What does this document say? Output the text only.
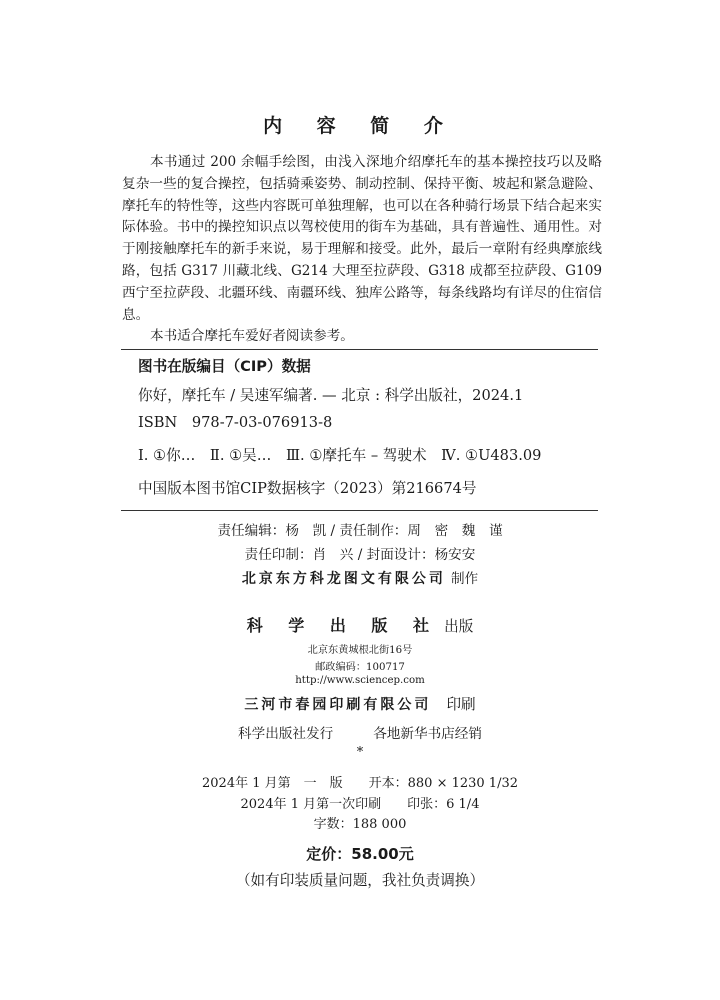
内 容 简 介

本书通过 200 余幅手绘图，由浅入深地介绍摩托车的基本操控技巧以及略复杂一些的复合操控，包括骑乘姿势、制动控制、保持平衡、坡起和紧急避险、摩托车的特性等，这些内容既可单独理解，也可以在各种骑行场景下结合起来实际体验。书中的操控知识点以驾校使用的街车为基础，具有普遍性、通用性。对于刚接触摩托车的新手来说，易于理解和接受。此外，最后一章附有经典摩旅线路，包括 G317 川藏北线、G214 大理至拉萨段、G318 成都至拉萨段、G109 西宁至拉萨段、北疆环线、南疆环线、独库公路等，每条线路均有详尽的住宿信息。

本书适合摩托车爱好者阅读参考。

图书在版编目（CIP）数据
你好，摩托车 / 吴速军编著. — 北京 : 科学出版社，2024.1
ISBN　978-7-03-076913-8
Ⅰ. ①你…　Ⅱ. ①吴…　Ⅲ. ①摩托车 – 驾驶术　Ⅳ. ①U483.09
中国版本图书馆CIP数据核字（2023）第216674号
责任编辑：杨　凯 / 责任制作：周　密　魏　谨
责任印制：肖　兴 / 封面设计：杨安安
北京东方科龙图文有限公司 制作
科 学 出 版 社 出版
北京东黄城根北街16号
邮政编码：100717
http://www.sciencep.com
三河市春园印刷有限公司 印刷
科学出版社发行	各地新华书店经销
*
2024年 1 月第　一　版　　开本：880 × 1230 1/32
2024年 1 月第一次印刷　　印张：6 1/4
字数：188 000
定价：58.00元
（如有印装质量问题，我社负责调换）
